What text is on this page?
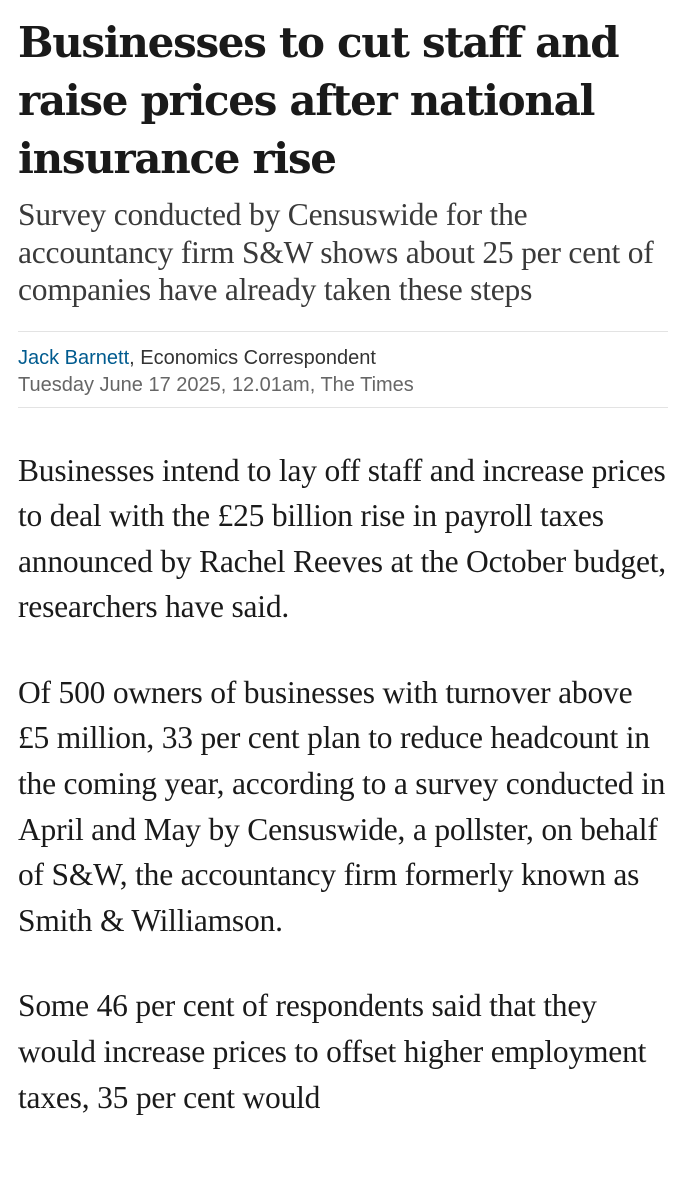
Businesses to cut staff and raise prices after national insurance rise

Survey conducted by Censuswide for the accountancy firm S&W shows about 25 per cent of companies have already taken these steps

Jack Barnett, Economics Correspondent
Tuesday June 17 2025, 12.01am, The Times

Businesses intend to lay off staff and increase prices to deal with the £25 billion rise in payroll taxes announced by Rachel Reeves at the October budget, researchers have said.

Of 500 owners of businesses with turnover above £5 million, 33 per cent plan to reduce headcount in the coming year, according to a survey conducted in April and May by Censuswide, a pollster, on behalf of S&W, the accountancy firm formerly known as Smith & Williamson.

Some 46 per cent of respondents said that they would increase prices to offset higher employment taxes, 35 per cent would
